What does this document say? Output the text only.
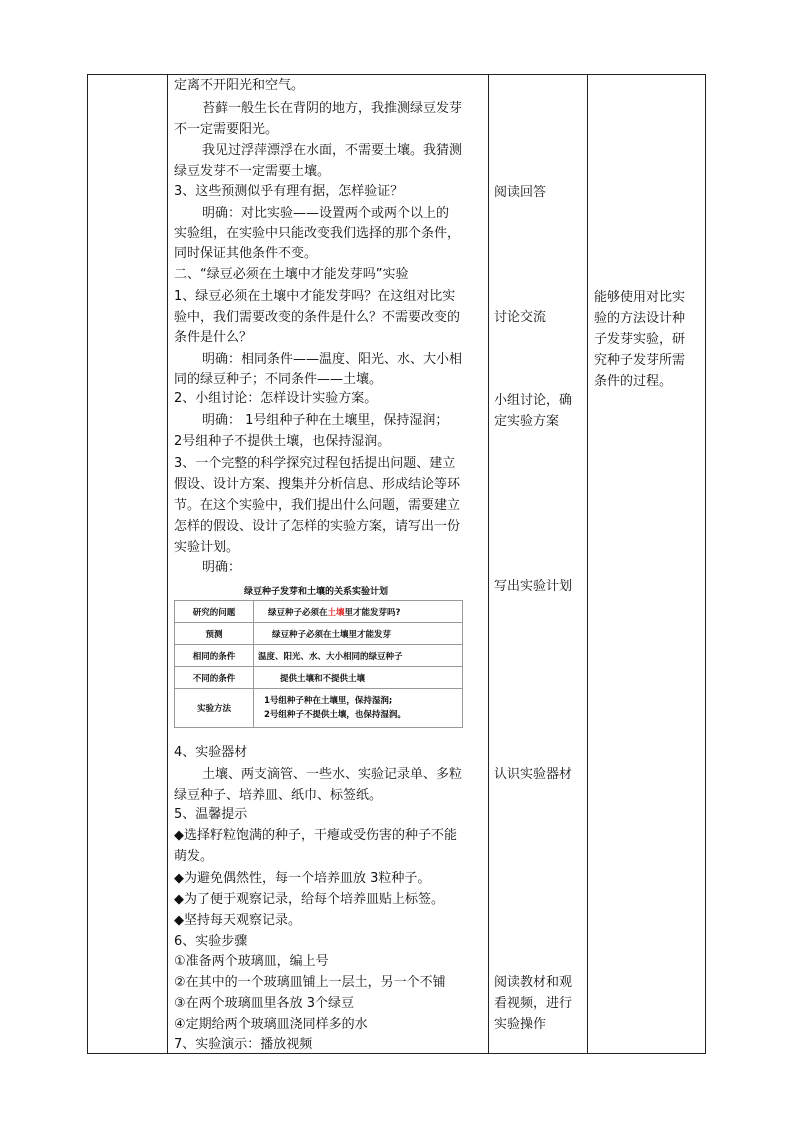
定离不开阳光和空气。
苔藓一般生长在背阴的地方，我推测绿豆发芽
不一定需要阳光。
我见过浮萍漂浮在水面，不需要土壤。我猜测
绿豆发芽不一定需要土壤。
3、这些预测似乎有理有据，怎样验证？
明确：对比实验——设置两个或两个以上的
实验组，在实验中只能改变我们选择的那个条件，
同时保证其他条件不变。
二、“绿豆必须在土壤中才能发芽吗”实验
1、绿豆必须在土壤中才能发芽吗？在这组对比实
验中，我们需要改变的条件是什么？不需要改变的
条件是什么？
明确：相同条件——温度、阳光、水、大小相
同的绿豆种子；不同条件——土壤。
2、小组讨论：怎样设计实验方案。
明确： 1号组种子种在土壤里，保持湿润；
2号组种子不提供土壤，也保持湿润。
3、一个完整的科学探究过程包括提出问题、建立
假设、设计方案、搜集并分析信息、形成结论等环
节。在这个实验中，我们提出什么问题，需要建立
怎样的假设、设计了怎样的实验方案，请写出一份
实验计划。
明确：
绿豆种子发芽和土壤的关系实验计划
研究的问题	绿豆种子必须在土壤里才能发芽吗?
预测	绿豆种子必须在土壤里才能发芽
相同的条件	温度、阳光、水、大小相同的绿豆种子
不同的条件	提供土壤和不提供土壤
实验方法	1号组种子种在土壤里，保持湿润;
2号组种子不提供土壤，也保持湿润。
4、实验器材
土壤、两支滴管、一些水、实验记录单、多粒
绿豆种子、培养皿、纸巾、标签纸。
5、温馨提示
◆选择籽粒饱满的种子，干瘪或受伤害的种子不能
萌发。
◆为避免偶然性，每一个培养皿放 3粒种子。
◆为了便于观察记录，给每个培养皿贴上标签。
◆坚持每天观察记录。
6、实验步骤
①准备两个玻璃皿，编上号
②在其中的一个玻璃皿铺上一层土，另一个不铺
③在两个玻璃皿里各放 3个绿豆
④定期给两个玻璃皿浇同样多的水
7、实验演示：播放视频
阅读回答
讨论交流
小组讨论，确
定实验方案
写出实验计划
认识实验器材
阅读教材和观
看视频，进行
实验操作
能够使用对比实
验的方法设计种
子发芽实验，研
究种子发芽所需
条件的过程。
